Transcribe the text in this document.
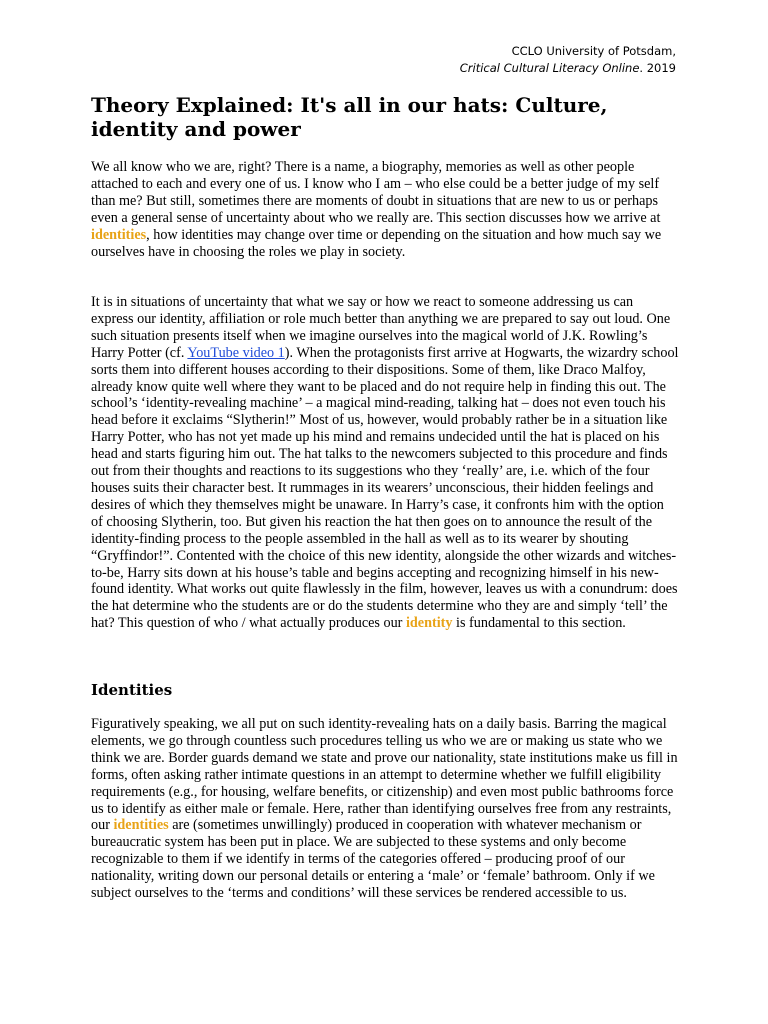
CCLO University of Potsdam,
Critical Cultural Literacy Online. 2019
Theory Explained: It's all in our hats: Culture, identity and power

We all know who we are, right? There is a name, a biography, memories as well as other people attached to each and every one of us. I know who I am – who else could be a better judge of my self than me? But still, sometimes there are moments of doubt in situations that are new to us or perhaps even a general sense of uncertainty about who we really are. This section discusses how we arrive at identities, how identities may change over time or depending on the situation and how much say we ourselves have in choosing the roles we play in society.

It is in situations of uncertainty that what we say or how we react to someone addressing us can express our identity, affiliation or role much better than anything we are prepared to say out loud. One such situation presents itself when we imagine ourselves into the magical world of J.K. Rowling’s Harry Potter (cf. YouTube video 1). When the protagonists first arrive at Hogwarts, the wizardry school sorts them into different houses according to their dispositions. Some of them, like Draco Malfoy, already know quite well where they want to be placed and do not require help in finding this out. The school’s ‘identity-revealing machine’ – a magical mind-reading, talking hat – does not even touch his head before it exclaims “Slytherin!” Most of us, however, would probably rather be in a situation like Harry Potter, who has not yet made up his mind and remains undecided until the hat is placed on his head and starts figuring him out. The hat talks to the newcomers subjected to this procedure and finds out from their thoughts and reactions to its suggestions who they ‘really’ are, i.e. which of the four houses suits their character best. It rummages in its wearers’ unconscious, their hidden feelings and desires of which they themselves might be unaware. In Harry’s case, it confronts him with the option of choosing Slytherin, too. But given his reaction the hat then goes on to announce the result of the identity-finding process to the people assembled in the hall as well as to its wearer by shouting “Gryffindor!”. Contented with the choice of this new identity, alongside the other wizards and witches-to-be, Harry sits down at his house’s table and begins accepting and recognizing himself in his new-found identity. What works out quite flawlessly in the film, however, leaves us with a conundrum: does the hat determine who the students are or do the students determine who they are and simply ‘tell’ the hat? This question of who / what actually produces our identity is fundamental to this section.

Identities

Figuratively speaking, we all put on such identity-revealing hats on a daily basis. Barring the magical elements, we go through countless such procedures telling us who we are or making us state who we think we are. Border guards demand we state and prove our nationality, state institutions make us fill in forms, often asking rather intimate questions in an attempt to determine whether we fulfill eligibility requirements (e.g., for housing, welfare benefits, or citizenship) and even most public bathrooms force us to identify as either male or female. Here, rather than identifying ourselves free from any restraints, our identities are (sometimes unwillingly) produced in cooperation with whatever mechanism or bureaucratic system has been put in place. We are subjected to these systems and only become recognizable to them if we identify in terms of the categories offered – producing proof of our nationality, writing down our personal details or entering a ‘male’ or ‘female’ bathroom. Only if we subject ourselves to the ‘terms and conditions’ will these services be rendered accessible to us.
